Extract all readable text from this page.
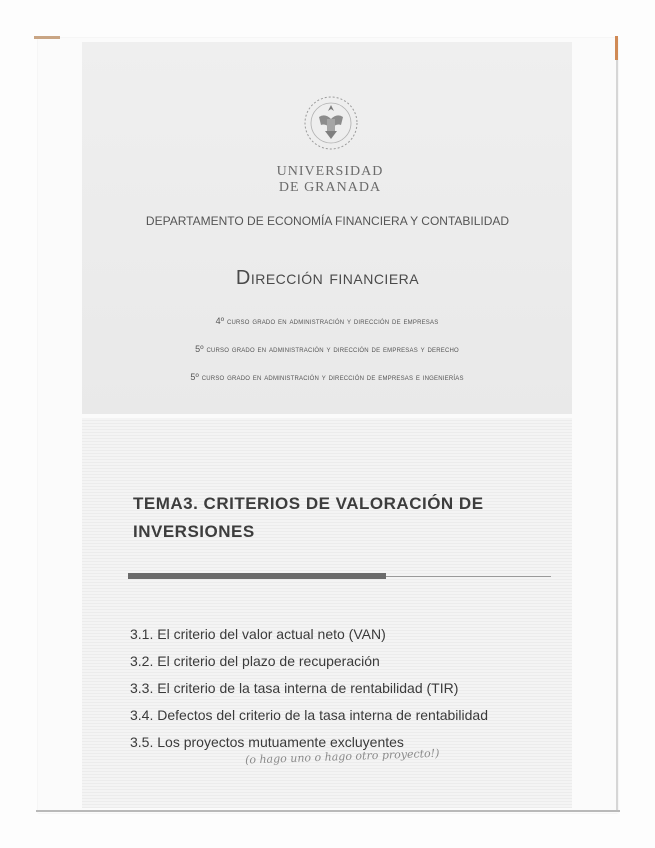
UNIVERSIDAD
DE GRANADA
DEPARTAMENTO DE ECONOMÍA FINANCIERA Y CONTABILIDAD
Dirección financiera
4º curso grado en administración y dirección de empresas
5º curso grado en administración y dirección de empresas y derecho
5º curso grado en administración y dirección de empresas e ingenierías
TEMA3. CRITERIOS DE VALORACIÓN DE
INVERSIONES
3.1. El criterio del valor actual neto (VAN)
3.2. El criterio del plazo de recuperación
3.3. El criterio de la tasa interna de rentabilidad (TIR)
3.4. Defectos del criterio de la tasa interna de rentabilidad
3.5. Los proyectos mutuamente excluyentes
(o hago uno o hago otro proyecto!)
